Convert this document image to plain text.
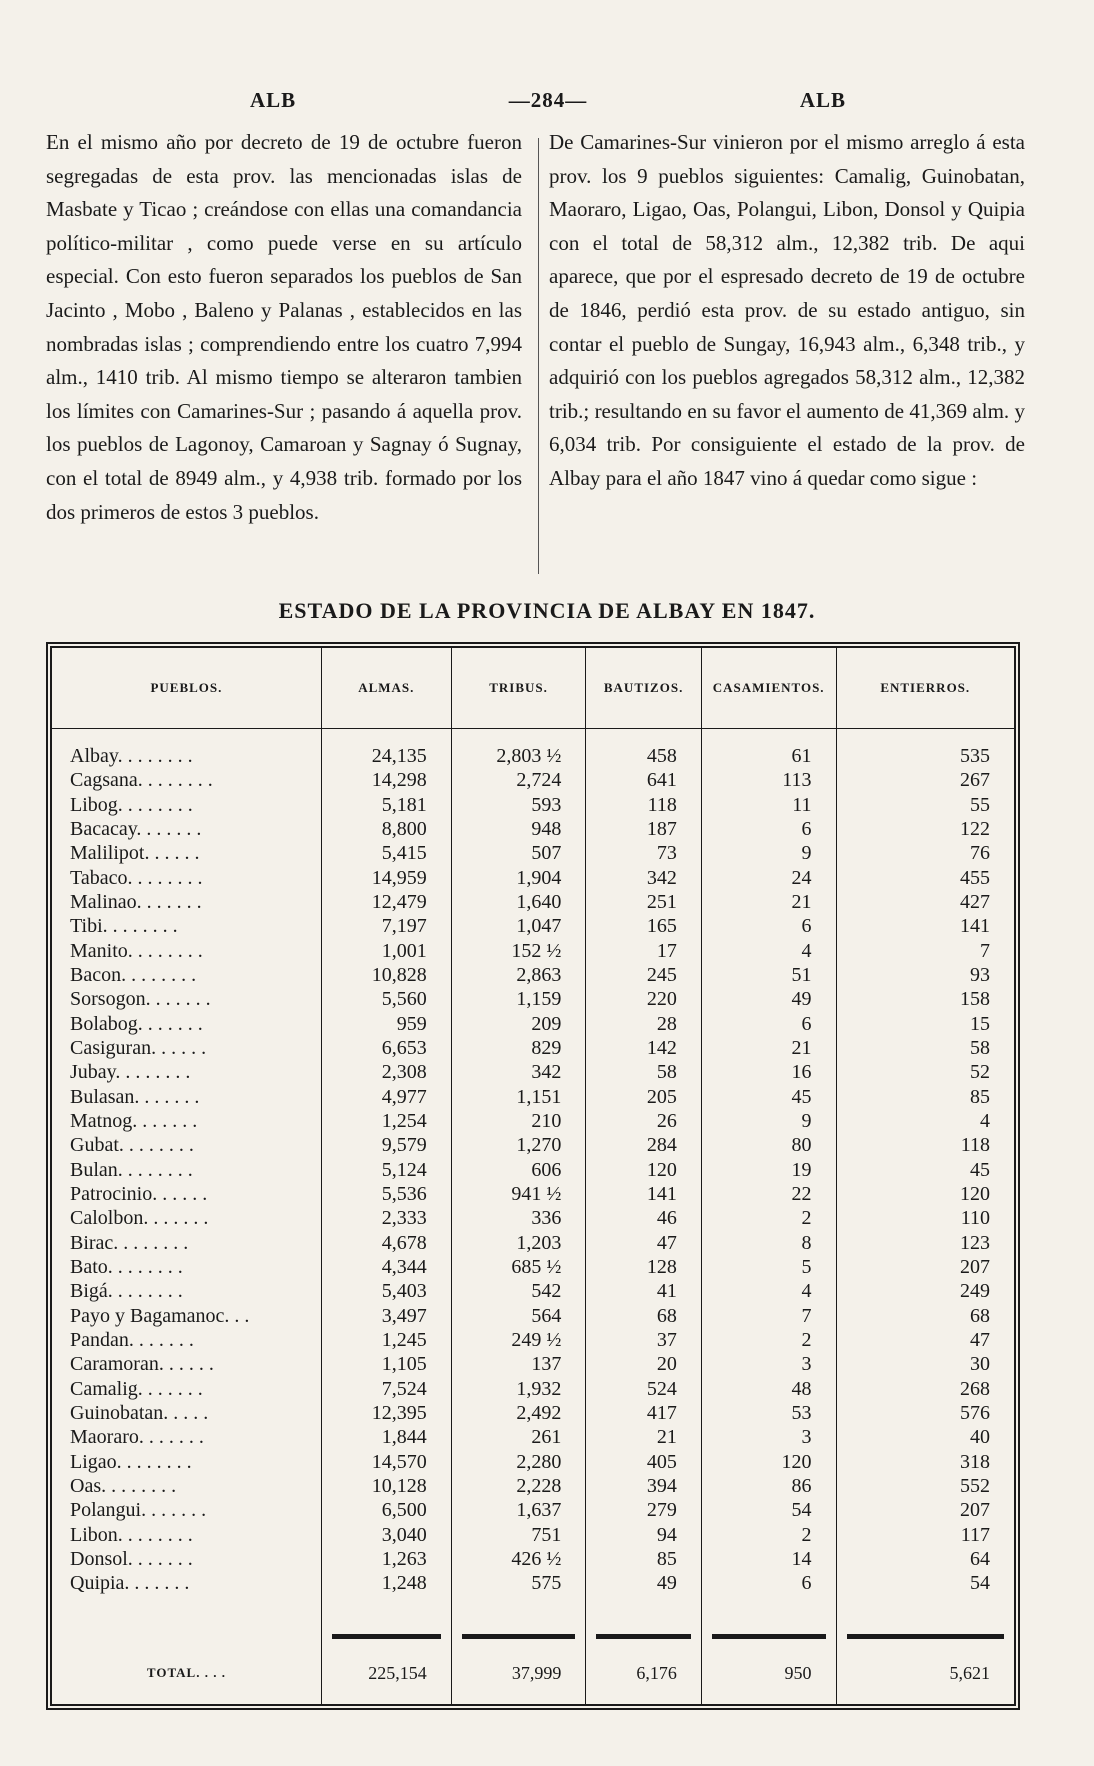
ALB	—284—	ALB
En el mismo año por decreto de 19 de octubre fueron segregadas de esta prov. las mencionadas islas de Masbate y Ticao ; creándose con ellas una comandancia político-militar , como puede verse en su artículo especial. Con esto fueron separados los pueblos de San Jacinto , Mobo , Baleno y Palanas , establecidos en las nombradas islas ; comprendiendo entre los cuatro 7,994 alm., 1410 trib. Al mismo tiempo se alteraron tambien los límites con Camarines-Sur ; pasando á aquella prov. los pueblos de Lagonoy, Camaroan y Sagnay ó Sugnay, con el total de 8949 alm., y 4,938 trib. formado por los dos primeros de estos 3 pueblos.
De Camarines-Sur vinieron por el mismo arreglo á esta prov. los 9 pueblos siguientes: Camalig, Guinobatan, Maoraro, Ligao, Oas, Polangui, Libon, Donsol y Quipia con el total de 58,312 alm., 12,382 trib. De aqui aparece, que por el espresado decreto de 19 de octubre de 1846, perdió esta prov. de su estado antiguo, sin contar el pueblo de Sungay, 16,943 alm., 6,348 trib., y adquirió con los pueblos agregados 58,312 alm., 12,382 trib.; resultando en su favor el aumento de 41,369 alm. y 6,034 trib. Por consiguiente el estado de la prov. de Albay para el año 1847 vino á quedar como sigue :
ESTADO DE LA PROVINCIA DE ALBAY EN 1847.
PUEBLOS.	ALMAS.	TRIBUS.	BAUTIZOS.	CASAMIENTOS.	ENTIERROS.
Albay. . . . . . . .	24,135	2,803 ½	458	61	535
Cagsana. . . . . . . .	14,298	2,724	641	113	267
Libog. . . . . . . .	5,181	593	118	11	55
Bacacay. . . . . . .	8,800	948	187	6	122
Malilipot. . . . . .	5,415	507	73	9	76
Tabaco. . . . . . . .	14,959	1,904	342	24	455
Malinao. . . . . . .	12,479	1,640	251	21	427
Tibi. . . . . . . .	7,197	1,047	165	6	141
Manito. . . . . . . .	1,001	152 ½	17	4	7
Bacon. . . . . . . .	10,828	2,863	245	51	93
Sorsogon. . . . . . .	5,560	1,159	220	49	158
Bolabog. . . . . . .	959	209	28	6	15
Casiguran. . . . . .	6,653	829	142	21	58
Jubay. . . . . . . .	2,308	342	58	16	52
Bulasan. . . . . . .	4,977	1,151	205	45	85
Matnog. . . . . . .	1,254	210	26	9	4
Gubat. . . . . . . .	9,579	1,270	284	80	118
Bulan. . . . . . . .	5,124	606	120	19	45
Patrocinio. . . . . .	5,536	941 ½	141	22	120
Calolbon. . . . . . .	2,333	336	46	2	110
Birac. . . . . . . .	4,678	1,203	47	8	123
Bato. . . . . . . .	4,344	685 ½	128	5	207
Bigá. . . . . . . .	5,403	542	41	4	249
Payo y Bagamanoc. . .	3,497	564	68	7	68
Pandan. . . . . . .	1,245	249 ½	37	2	47
Caramoran. . . . . .	1,105	137	20	3	30
Camalig. . . . . . .	7,524	1,932	524	48	268
Guinobatan. . . . .	12,395	2,492	417	53	576
Maoraro. . . . . . .	1,844	261	21	3	40
Ligao. . . . . . . .	14,570	2,280	405	120	318
Oas. . . . . . . .	10,128	2,228	394	86	552
Polangui. . . . . . .	6,500	1,637	279	54	207
Libon. . . . . . . .	3,040	751	94	2	117
Donsol. . . . . . .	1,263	426 ½	85	14	64
Quipia. . . . . . .	1,248	575	49	6	54

TOTAL. . . .	225,154	37,999	6,176	950	5,621
